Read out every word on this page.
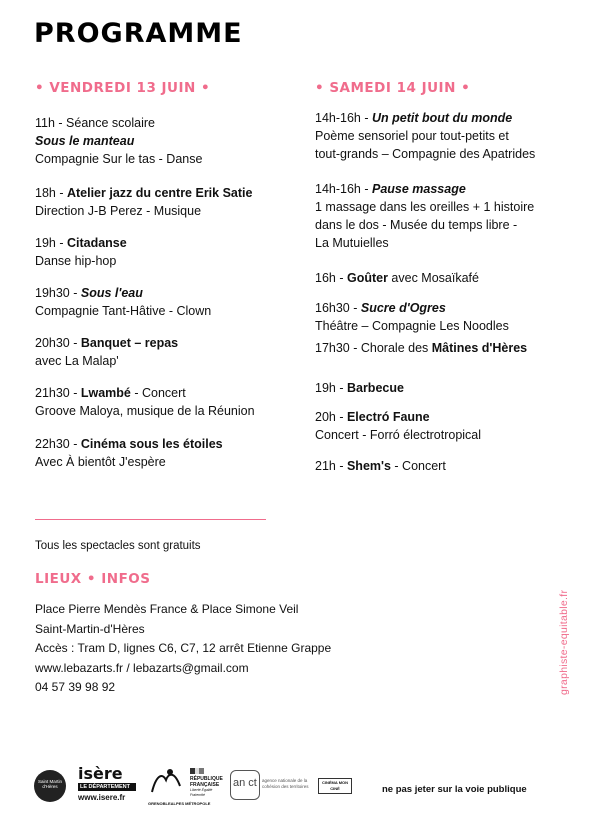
PROGRAMME
• VENDREDI 13 JUIN •	• SAMEDI 14 JUIN •
11h - Séance scolaire
Sous le manteau
Compagnie Sur le tas - Danse
18h - Atelier jazz du centre Erik Satie
Direction J-B Perez - Musique
19h - Citadanse
Danse hip-hop
19h30 - Sous l'eau
Compagnie Tant-Hâtive - Clown
20h30 - Banquet – repas
avec La Malap'
21h30 - Lwambé - Concert
Groove Maloya, musique de la Réunion
22h30 - Cinéma sous les étoiles
Avec À bientôt J'espère
14h-16h - Un petit bout du monde
Poème sensoriel pour tout-petits et
tout-grands – Compagnie des Apatrides
14h-16h - Pause massage
1 massage dans les oreilles + 1 histoire
dans le dos - Musée du temps libre -
La Mutuielles
16h - Goûter avec Mosaïkafé
16h30 - Sucre d'Ogres
Théâtre – Compagnie Les Noodles
17h30 - Chorale des Mâtines d'Hères
19h - Barbecue
20h - Electró Faune
Concert - Forró électrotropical
21h - Shem's - Concert
Tous les spectacles sont gratuits
LIEUX • INFOS
Place Pierre Mendès France & Place Simone Veil
Saint-Martin-d'Hères
Accès : Tram D, lignes C6, C7, 12 arrêt Etienne Grappe
www.lebazarts.fr / lebazarts@gmail.com
04 57 39 98 92	graphiste-equitable.fr
Saint Martin d'Hères
isère
LE DÉPARTEMENT
www.isere.fr
GRENOBLEALPES MÉTROPOLE
RÉPUBLIQUE FRANÇAISE
Liberté Égalité Fraternité
an ct agence nationale de la cohésion des territoires
CINÉMA MON CINÉ	ne pas jeter sur la voie publique
